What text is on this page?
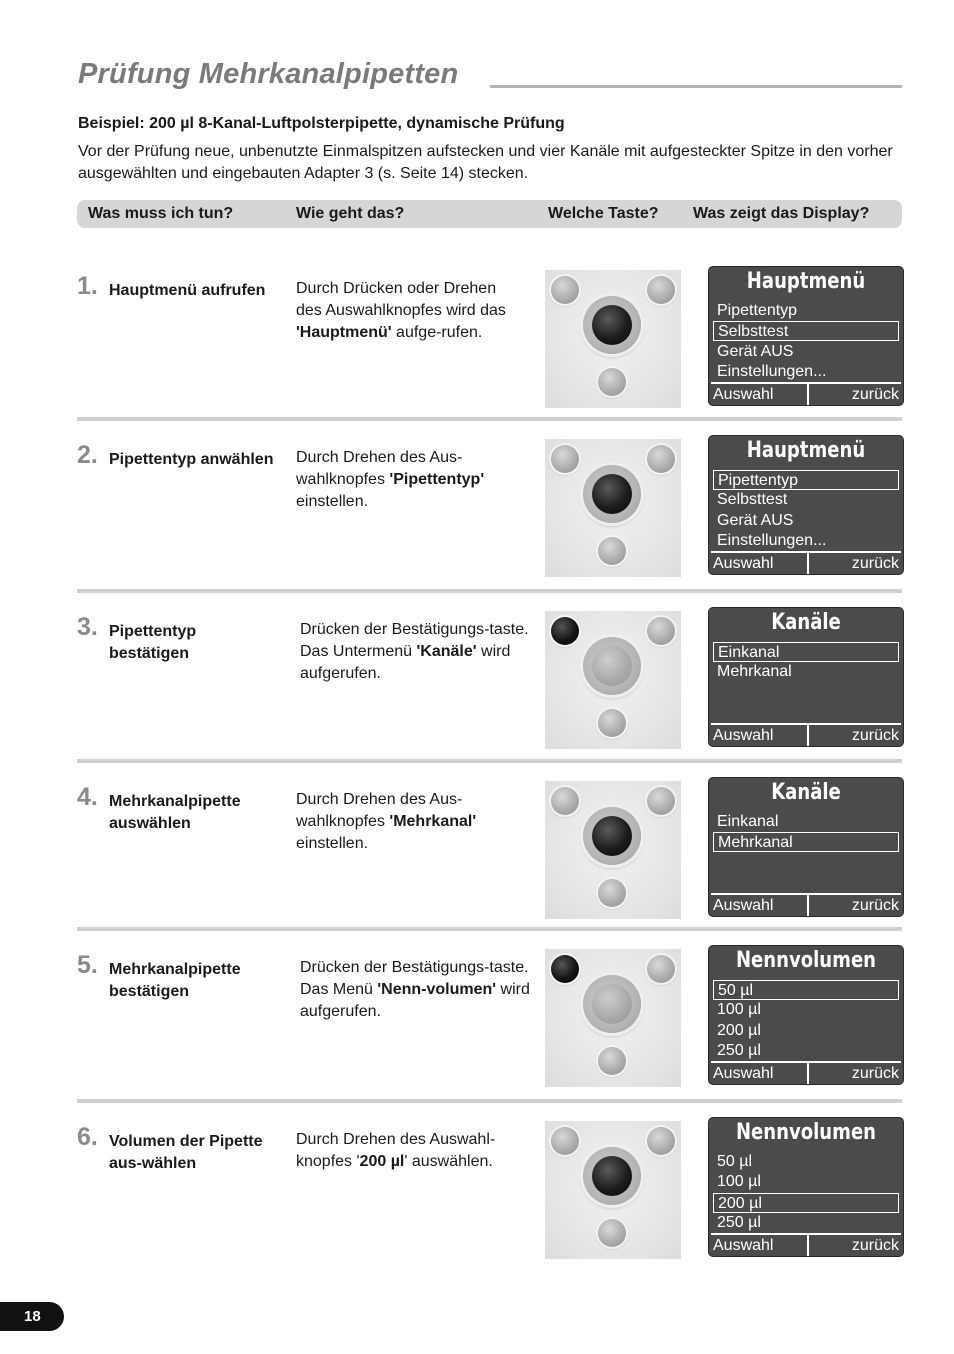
Prüfung Mehrkanalpipetten
Beispiel: 200 µl 8-Kanal-Luftpolsterpipette, dynamische Prüfung
Vor der Prüfung neue, unbenutzte Einmalspitzen aufstecken und vier Kanäle mit aufgesteckter Spitze in den vorher ausgewählten und eingebauten Adapter 3 (s. Seite 14) stecken.
Was muss ich tun?	Wie geht das?	Welche Taste? Was zeigt das Display?
1. Hauptmenü aufrufen	Durch Drücken oder Drehen des Auswahlknopfes wird das 'Hauptmenü' aufge-rufen.
Hauptmenü
Pipettentyp
Selbsttest
Gerät AUS
Einstellungen...
Auswahl	zurück
2. Pipettentyp anwählen	Durch Drehen des Aus-wahlknopfes 'Pipettentyp' einstellen.
Hauptmenü
Pipettentyp
Selbsttest
Gerät AUS
Einstellungen...
Auswahl	zurück
3. Pipettentyp bestätigen
Drücken der Bestätigungs-taste. Das Untermenü 'Kanäle' wird aufgerufen.
Kanäle
Einkanal
Mehrkanal
Auswahl	zurück
4. Mehrkanalpipette auswählen
Durch Drehen des Aus-wahlknopfes 'Mehrkanal' einstellen.
Kanäle
Einkanal
Mehrkanal
Auswahl	zurück
5. Mehrkanalpipette bestätigen
Drücken der Bestätigungs-taste. Das Menü 'Nenn-volumen' wird aufgerufen.
Nennvolumen
50 µl
100 µl
200 µl
250 µl
Auswahl	zurück
6. Volumen der Pipette aus-wählen
Durch Drehen des Auswahl-knopfes '200 µl' auswählen.
Nennvolumen
50 µl
100 µl
200 µl
250 µl
Auswahl	zurück
18
